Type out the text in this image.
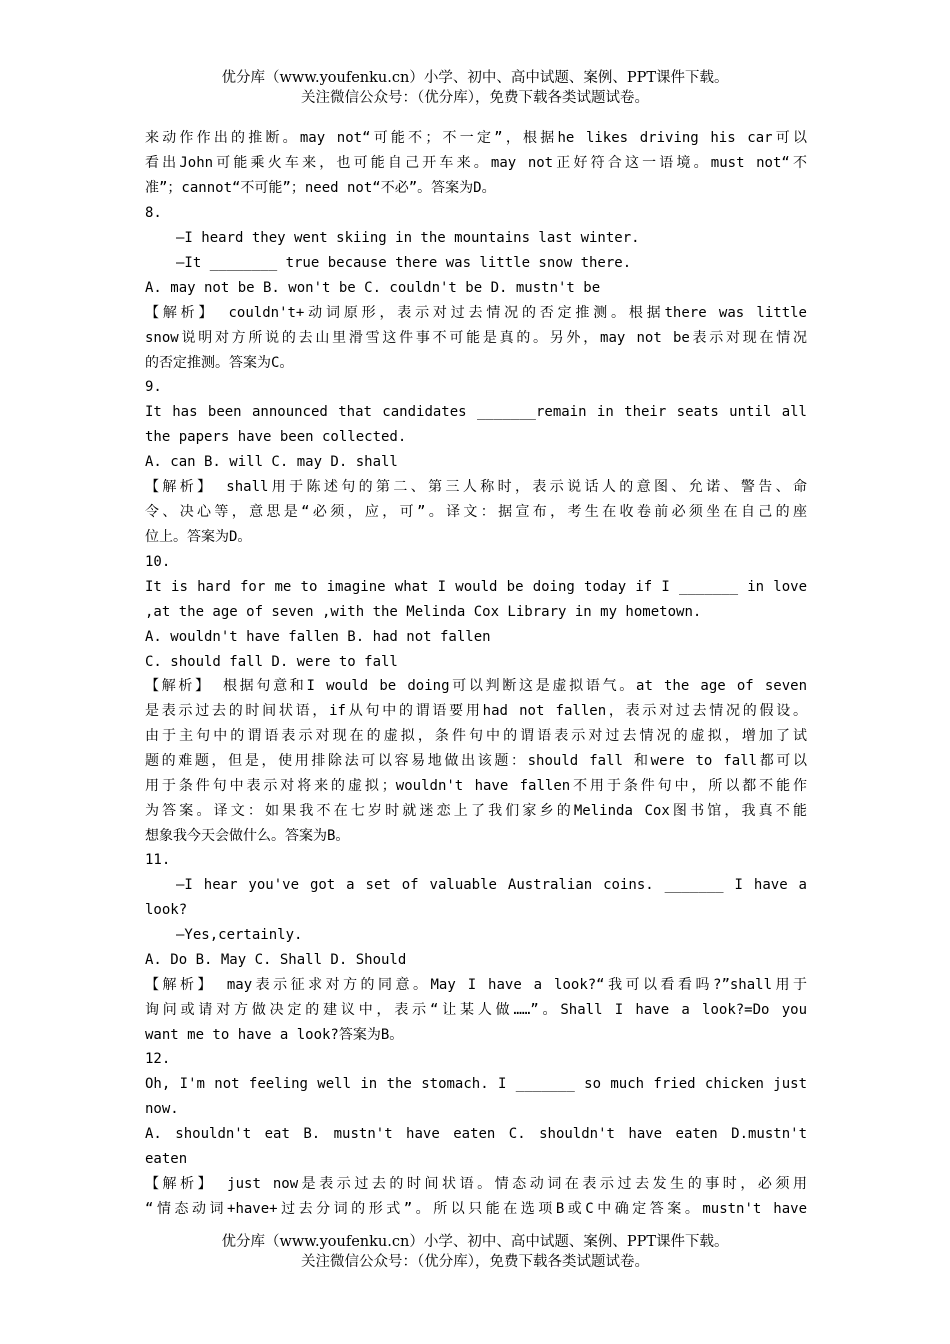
优分库（www.youfenku.cn）小学、初中、高中试题、案例、PPT课件下载。
关注微信公众号：（优分库），免费下载各类试题试卷。
来动作作出的推断。may not“可能不；不一定”，根据he likes driving his car可以
看出John可能乘火车来，也可能自己开车来。may not正好符合这一语境。must not“不
准”；cannot“不可能”；need not“不必”。答案为D。
8.
—I heard they went skiing in the mountains last winter.
—It ________ true because there was little snow there.
A. may not be B. won't be C. couldn't be D. mustn't be
【解析】 couldn't+动词原形，表示对过去情况的否定推测。根据there was little
snow说明对方所说的去山里滑雪这件事不可能是真的。另外，may not be表示对现在情况
的否定推测。答案为C。
9.
It has been announced that candidates _______remain in their seats until all
the papers have been collected.
A. can B. will C. may D. shall
【解析】 shall用于陈述句的第二、第三人称时，表示说话人的意图、允诺、警告、命
令、决心等，意思是“必须，应，可”。译文：据宣布，考生在收卷前必须坐在自己的座
位上。答案为D。
10.
It is hard for me to imagine what I would be doing today if I _______ in love
,at the age of seven ,with the Melinda Cox Library in my hometown.
A. wouldn't have fallen B. had not fallen
C. should fall D. were to fall
【解析】 根据句意和I would be doing可以判断这是虚拟语气。at the age of seven
是表示过去的时间状语，if从句中的谓语要用had not fallen，表示对过去情况的假设。
由于主句中的谓语表示对现在的虚拟，条件句中的谓语表示对过去情况的虚拟，增加了试
题的难题，但是，使用排除法可以容易地做出该题：should fall 和were to fall都可以
用于条件句中表示对将来的虚拟；wouldn't have fallen不用于条件句中，所以都不能作
为答案。译文：如果我不在七岁时就迷恋上了我们家乡的Melinda Cox图书馆，我真不能
想象我今天会做什么。答案为B。
11.
—I hear you've got a set of valuable Australian coins. _______ I have a
look?
—Yes,certainly.
A. Do B. May C. Shall D. Should
【解析】 may表示征求对方的同意。May I have a look?“我可以看看吗?”shall用于
询问或请对方做决定的建议中，表示“让某人做……”。Shall I have a look?=Do you
want me to have a look?答案为B。
12.
Oh, I'm not feeling well in the stomach. I _______ so much fried chicken just
now.
A. shouldn't eat B. mustn't have eaten C. shouldn't have eaten D.mustn't
eaten
【解析】 just now是表示过去的时间状语。情态动词在表示过去发生的事时，必须用
“情态动词+have+过去分词的形式”。所以只能在选项B或C中确定答案。mustn't have
优分库（www.youfenku.cn）小学、初中、高中试题、案例、PPT课件下载。
关注微信公众号：（优分库），免费下载各类试题试卷。
